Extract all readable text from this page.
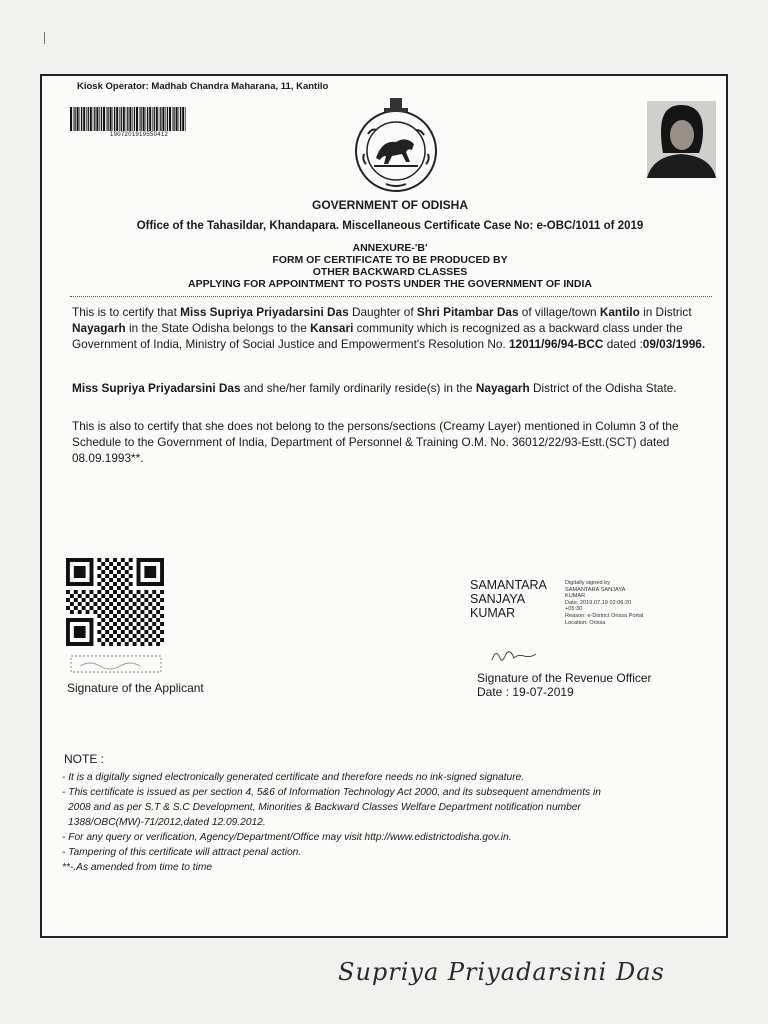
Kiosk Operator: Madhab Chandra Maharana, 11, Kantilo
1907201919550412
GOVERNMENT OF ODISHA
Office of the Tahasildar, Khandapara. Miscellaneous Certificate Case No: e-OBC/1011 of 2019
ANNEXURE-'B'
FORM OF CERTIFICATE TO BE PRODUCED BY
OTHER BACKWARD CLASSES
APPLYING FOR APPOINTMENT TO POSTS UNDER THE GOVERNMENT OF INDIA
This is to certify that Miss Supriya Priyadarsini Das Daughter of Shri Pitambar Das of village/town Kantilo in District Nayagarh in the State Odisha belongs to the Kansari community which is recognized as a backward class under the Government of India, Ministry of Social Justice and Empowerment's Resolution No. 12011/96/94-BCC dated :09/03/1996.
Miss Supriya Priyadarsini Das and she/her family ordinarily reside(s) in the Nayagarh District of the Odisha State.
This is also to certify that she does not belong to the persons/sections (Creamy Layer) mentioned in Column 3 of the Schedule to the Government of India, Department of Personnel & Training O.M. No. 36012/22/93-Estt.(SCT) dated 08.09.1993**.
Signature of the Applicant
SAMANTARA
SANJAYA
KUMAR
Digitally signed by
SAMANTARA SANJAYA
KUMAR
Date: 2019.07.19 02:06:20
+05:30
Reason: e-District Orissa Portal
Location: Orissa
Signature of the Revenue Officer
Date : 19-07-2019
NOTE :
- It is a digitally signed electronically generated certificate and therefore needs no ink-signed signature.
- This certificate is issued as per section 4, 5&6 of Information Technology Act 2000, and its subsequent amendments in
2008 and as per S.T & S.C Development, Minorities & Backward Classes Welfare Department notification number
1388/OBC(MW)-71/2012,dated 12.09.2012.
- For any query or verification, Agency/Department/Office may visit http://www.edistrictodisha.gov.in.
- Tampering of this certificate will attract penal action.
**-.As amended from time to time
Supriya Priyadarsini Das
